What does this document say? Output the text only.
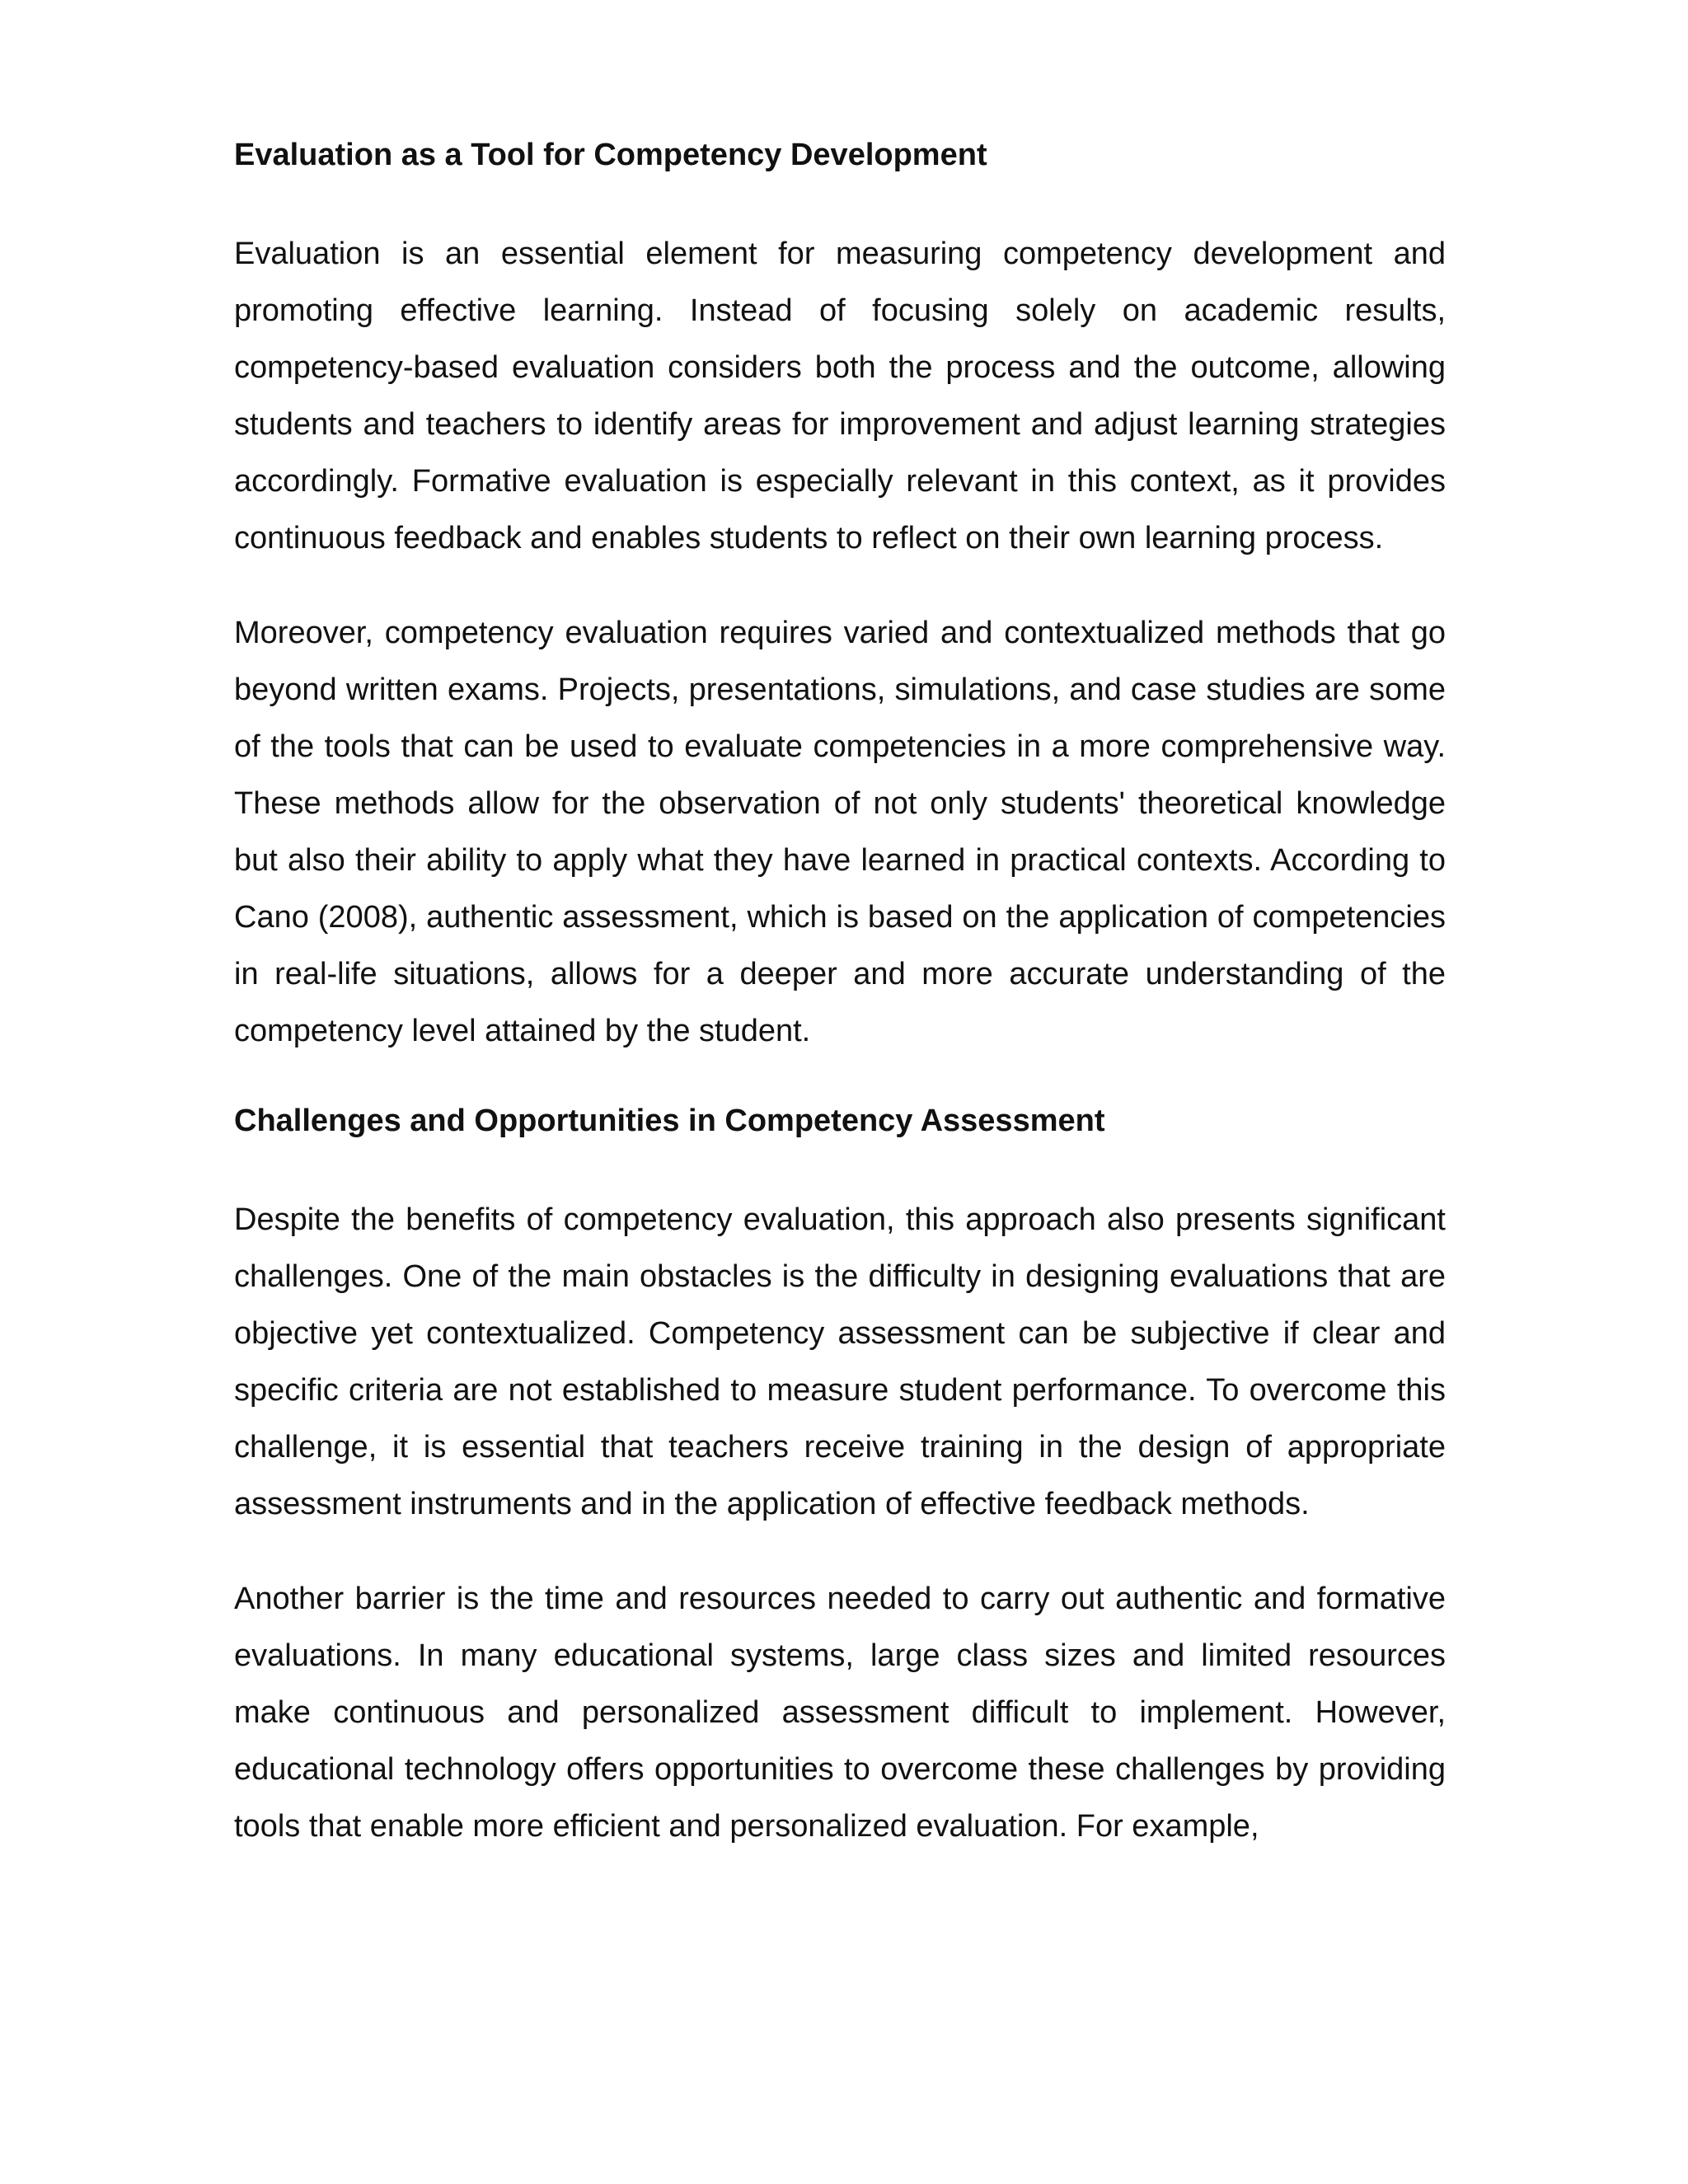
Evaluation as a Tool for Competency Development

Evaluation is an essential element for measuring competency development and promoting effective learning. Instead of focusing solely on academic results, competency-based evaluation considers both the process and the outcome, allowing students and teachers to identify areas for improvement and adjust learning strategies accordingly. Formative evaluation is especially relevant in this context, as it provides continuous feedback and enables students to reflect on their own learning process.

Moreover, competency evaluation requires varied and contextualized methods that go beyond written exams. Projects, presentations, simulations, and case studies are some of the tools that can be used to evaluate competencies in a more comprehensive way. These methods allow for the observation of not only students' theoretical knowledge but also their ability to apply what they have learned in practical contexts. According to Cano (2008), authentic assessment, which is based on the application of competencies in real-life situations, allows for a deeper and more accurate understanding of the competency level attained by the student.

Challenges and Opportunities in Competency Assessment

Despite the benefits of competency evaluation, this approach also presents significant challenges. One of the main obstacles is the difficulty in designing evaluations that are objective yet contextualized. Competency assessment can be subjective if clear and specific criteria are not established to measure student performance. To overcome this challenge, it is essential that teachers receive training in the design of appropriate assessment instruments and in the application of effective feedback methods.

Another barrier is the time and resources needed to carry out authentic and formative evaluations. In many educational systems, large class sizes and limited resources make continuous and personalized assessment difficult to implement. However, educational technology offers opportunities to overcome these challenges by providing tools that enable more efficient and personalized evaluation. For example,
